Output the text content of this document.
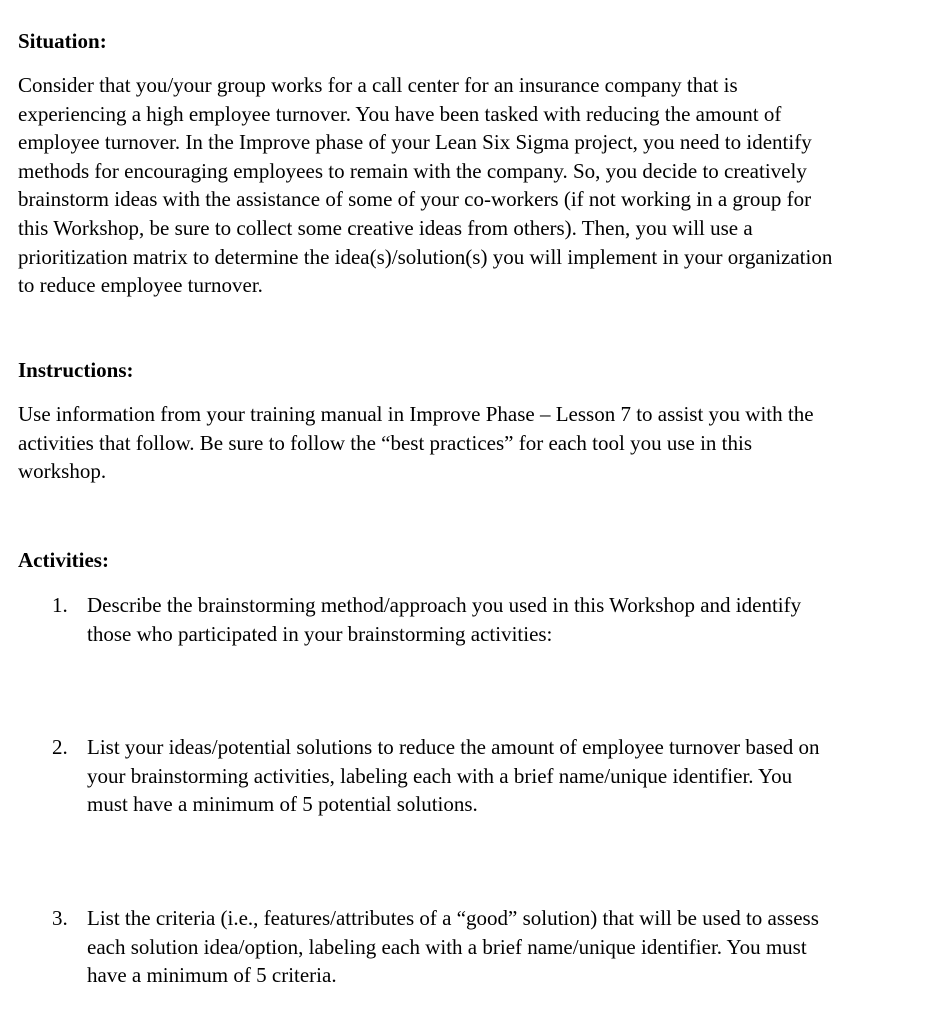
Situation:
Consider that you/your group works for a call center for an insurance company that is
experiencing a high employee turnover. You have been tasked with reducing the amount of
employee turnover. In the Improve phase of your Lean Six Sigma project, you need to identify
methods for encouraging employees to remain with the company. So, you decide to creatively
brainstorm ideas with the assistance of some of your co-workers (if not working in a group for
this Workshop, be sure to collect some creative ideas from others). Then, you will use a
prioritization matrix to determine the idea(s)/solution(s) you will implement in your organization
to reduce employee turnover.
Instructions:
Use information from your training manual in Improve Phase – Lesson 7 to assist you with the
activities that follow. Be sure to follow the “best practices” for each tool you use in this
workshop.
Activities:
1. Describe the brainstorming method/approach you used in this Workshop and identify
those who participated in your brainstorming activities:
2. List your ideas/potential solutions to reduce the amount of employee turnover based on
your brainstorming activities, labeling each with a brief name/unique identifier. You
must have a minimum of 5 potential solutions.
3. List the criteria (i.e., features/attributes of a “good” solution) that will be used to assess
each solution idea/option, labeling each with a brief name/unique identifier. You must
have a minimum of 5 criteria.
